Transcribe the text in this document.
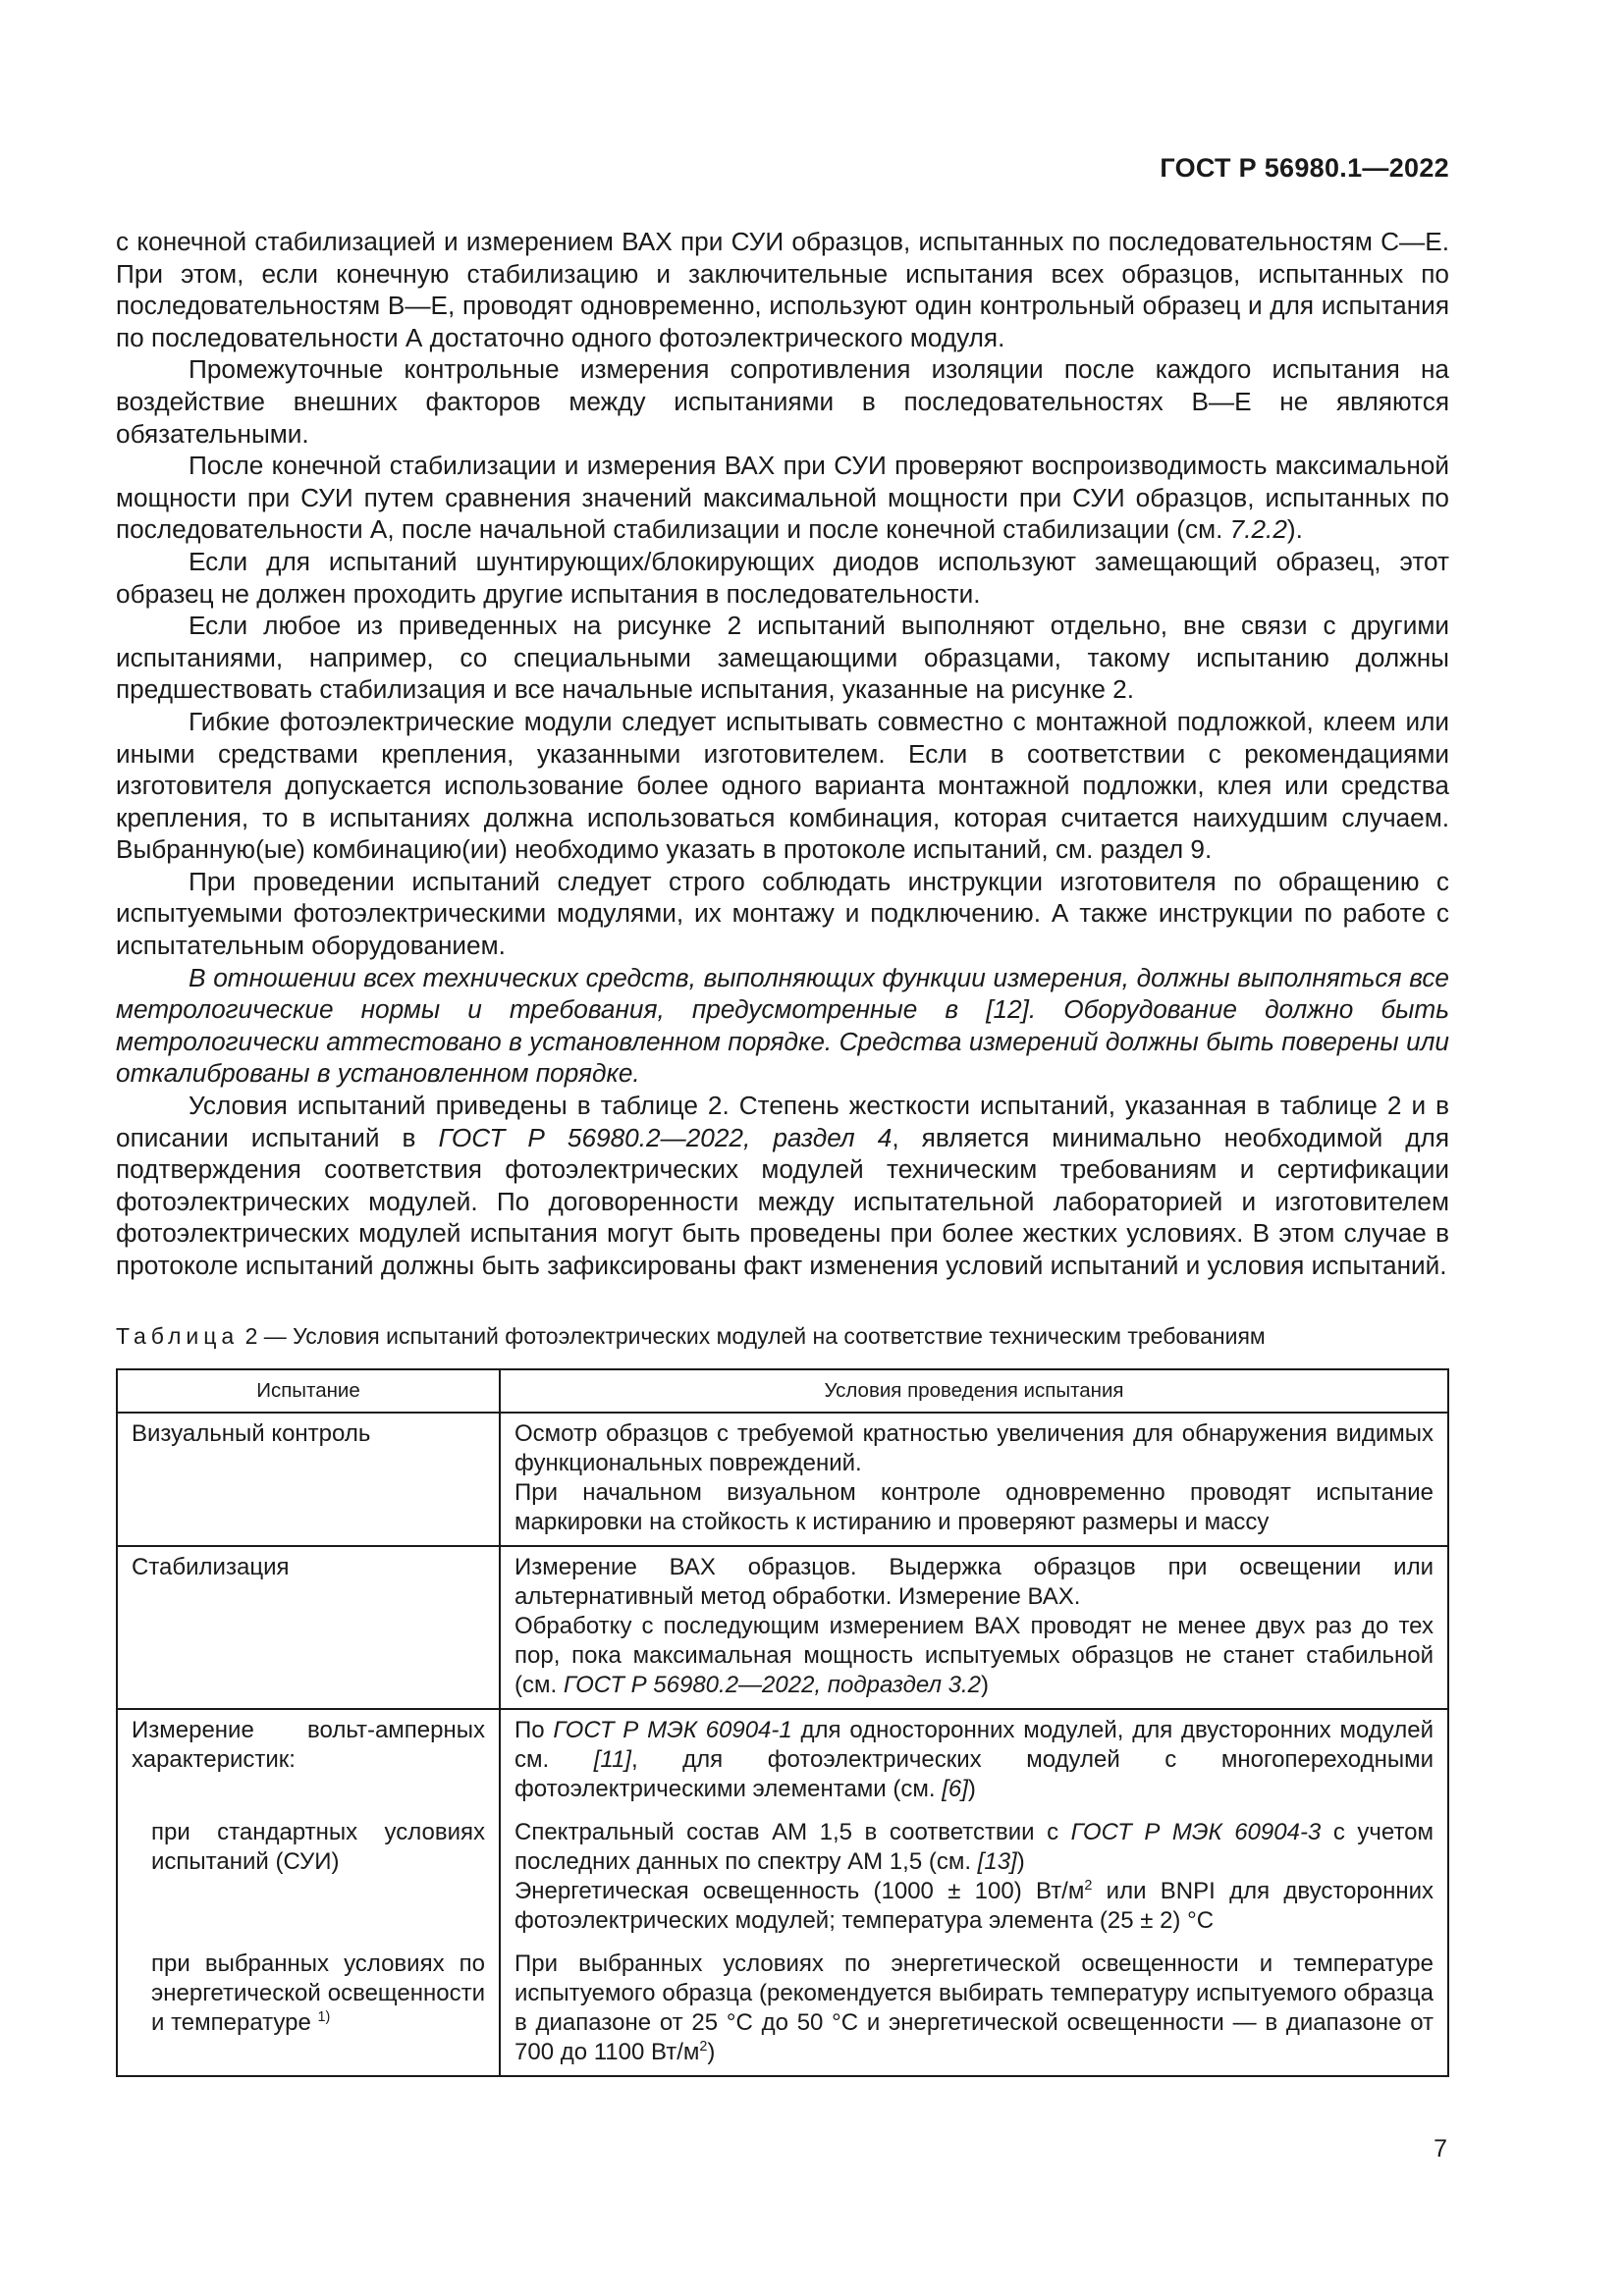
ГОСТ Р 56980.1—2022

с конечной стабилизацией и измерением ВАХ при СУИ образцов, испытанных по последовательностям С—Е. При этом, если конечную стабилизацию и заключительные испытания всех образцов, испытанных по последовательностям В—Е, проводят одновременно, используют один контрольный образец и для испытания по последовательности А достаточно одного фотоэлектрического модуля.

Промежуточные контрольные измерения сопротивления изоляции после каждого испытания на воздействие внешних факторов между испытаниями в последовательностях В—Е не являются обязательными.

После конечной стабилизации и измерения ВАХ при СУИ проверяют воспроизводимость максимальной мощности при СУИ путем сравнения значений максимальной мощности при СУИ образцов, испытанных по последовательности А, после начальной стабилизации и после конечной стабилизации (см. 7.2.2).

Если для испытаний шунтирующих/блокирующих диодов используют замещающий образец, этот образец не должен проходить другие испытания в последовательности.

Если любое из приведенных на рисунке 2 испытаний выполняют отдельно, вне связи с другими испытаниями, например, со специальными замещающими образцами, такому испытанию должны предшествовать стабилизация и все начальные испытания, указанные на рисунке 2.

Гибкие фотоэлектрические модули следует испытывать совместно с монтажной подложкой, клеем или иными средствами крепления, указанными изготовителем. Если в соответствии с рекомендациями изготовителя допускается использование более одного варианта монтажной подложки, клея или средства крепления, то в испытаниях должна использоваться комбинация, которая считается наихудшим случаем. Выбранную(ые) комбинацию(ии) необходимо указать в протоколе испытаний, см. раздел 9.

При проведении испытаний следует строго соблюдать инструкции изготовителя по обращению с испытуемыми фотоэлектрическими модулями, их монтажу и подключению. А также инструкции по работе с испытательным оборудованием.

В отношении всех технических средств, выполняющих функции измерения, должны выполняться все метрологические нормы и требования, предусмотренные в [12]. Оборудование должно быть метрологически аттестовано в установленном порядке. Средства измерений должны быть поверены или откалиброваны в установленном порядке.

Условия испытаний приведены в таблице 2. Степень жесткости испытаний, указанная в таблице 2 и в описании испытаний в ГОСТ Р 56980.2—2022, раздел 4, является минимально необходимой для подтверждения соответствия фотоэлектрических модулей техническим требованиям и сертификации фотоэлектрических модулей. По договоренности между испытательной лабораторией и изготовителем фотоэлектрических модулей испытания могут быть проведены при более жестких условиях. В этом случае в протоколе испытаний должны быть зафиксированы факт изменения условий испытаний и условия испытаний.

Таблица 2 — Условия испытаний фотоэлектрических модулей на соответствие техническим требованиям
Испытание	Условия проведения испытания
Визуальный контроль	Осмотр образцов с требуемой кратностью увеличения для обнаружения видимых функциональных повреждений.
При начальном визуальном контроле одновременно проводят испытание маркировки на стойкость к истиранию и проверяют размеры и массу

Стабилизация	Измерение ВАХ образцов. Выдержка образцов при освещении или альтернативный метод обработки. Измерение ВАХ.
Обработку с последующим измерением ВАХ проводят не менее двух раз до тех пор, пока максимальная мощность испытуемых образцов не станет стабильной (см. ГОСТ Р 56980.2—2022, подраздел 3.2)

Измерение вольт-амперных характеристик:	По ГОСТ Р МЭК 60904-1 для односторонних модулей, для двусторонних модулей см. [11], для фотоэлектрических модулей с многопереходными фотоэлектрическими элементами (см. [6])
при стандартных условиях испытаний (СУИ)	Спектральный состав АМ 1,5 в соответствии с ГОСТ Р МЭК 60904-3 с учетом последних данных по спектру АМ 1,5 (см. [13])
Энергетическая освещенность (1000 ± 100) $Вт/м^2$ или BNPI для двусторонних фотоэлектрических модулей; температура элемента (25 ± 2) °С

при выбранных условиях по энергетической освещенности и температуре $^{1)}$	При выбранных условиях по энергетической освещенности и температуре испытуемого образца (рекомендуется выбирать температуру испытуемого образца в диапазоне от 25 °С до 50 °С и энергетической освещенности — в диапазоне от 700 до 1100 $Вт/м^2$)
7
